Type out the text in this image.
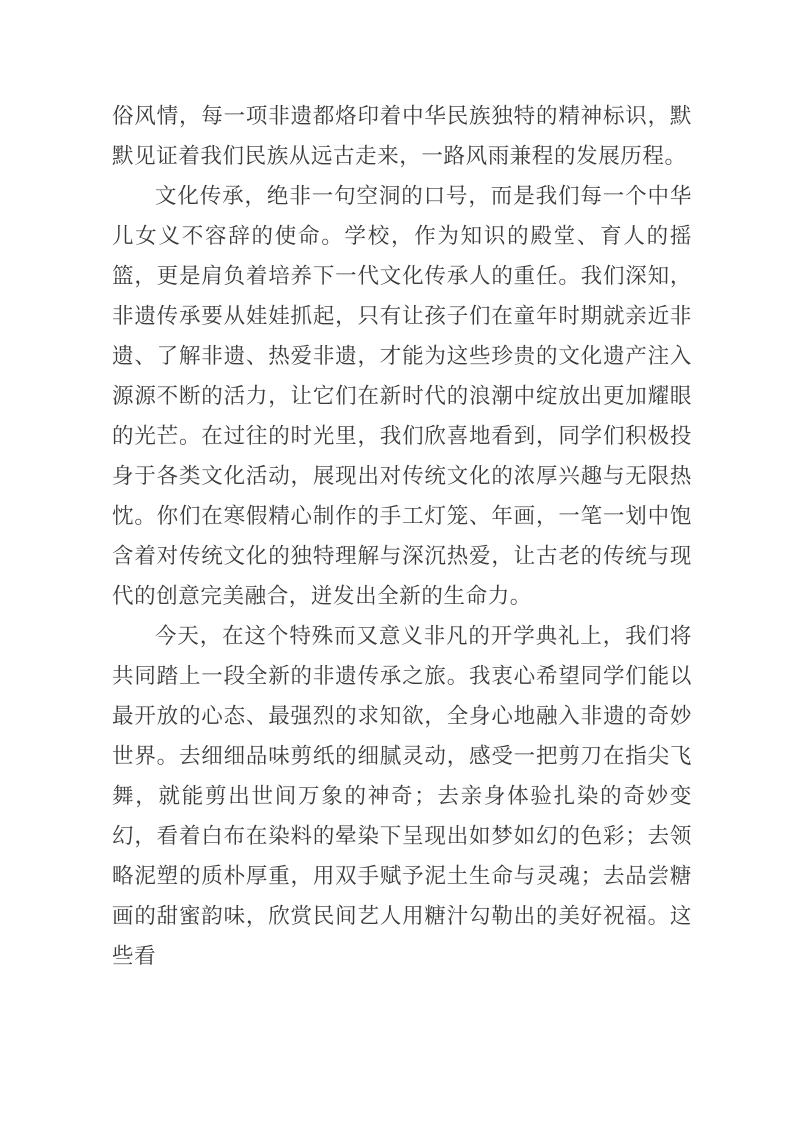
俗风情，每一项非遗都烙印着中华民族独特的精神标识，默默见证着我们民族从远古走来，一路风雨兼程的发展历程。

文化传承，绝非一句空洞的口号，而是我们每一个中华儿女义不容辞的使命。学校，作为知识的殿堂、育人的摇篮，更是肩负着培养下一代文化传承人的重任。我们深知，非遗传承要从娃娃抓起，只有让孩子们在童年时期就亲近非遗、了解非遗、热爱非遗，才能为这些珍贵的文化遗产注入源源不断的活力，让它们在新时代的浪潮中绽放出更加耀眼的光芒。在过往的时光里，我们欣喜地看到，同学们积极投身于各类文化活动，展现出对传统文化的浓厚兴趣与无限热忱。你们在寒假精心制作的手工灯笼、年画，一笔一划中饱含着对传统文化的独特理解与深沉热爱，让古老的传统与现代的创意完美融合，迸发出全新的生命力。

今天，在这个特殊而又意义非凡的开学典礼上，我们将共同踏上一段全新的非遗传承之旅。我衷心希望同学们能以最开放的心态、最强烈的求知欲，全身心地融入非遗的奇妙世界。去细细品味剪纸的细腻灵动，感受一把剪刀在指尖飞舞，就能剪出世间万象的神奇；去亲身体验扎染的奇妙变幻，看着白布在染料的晕染下呈现出如梦如幻的色彩；去领略泥塑的质朴厚重，用双手赋予泥土生命与灵魂；去品尝糖画的甜蜜韵味，欣赏民间艺人用糖汁勾勒出的美好祝福。这些看
